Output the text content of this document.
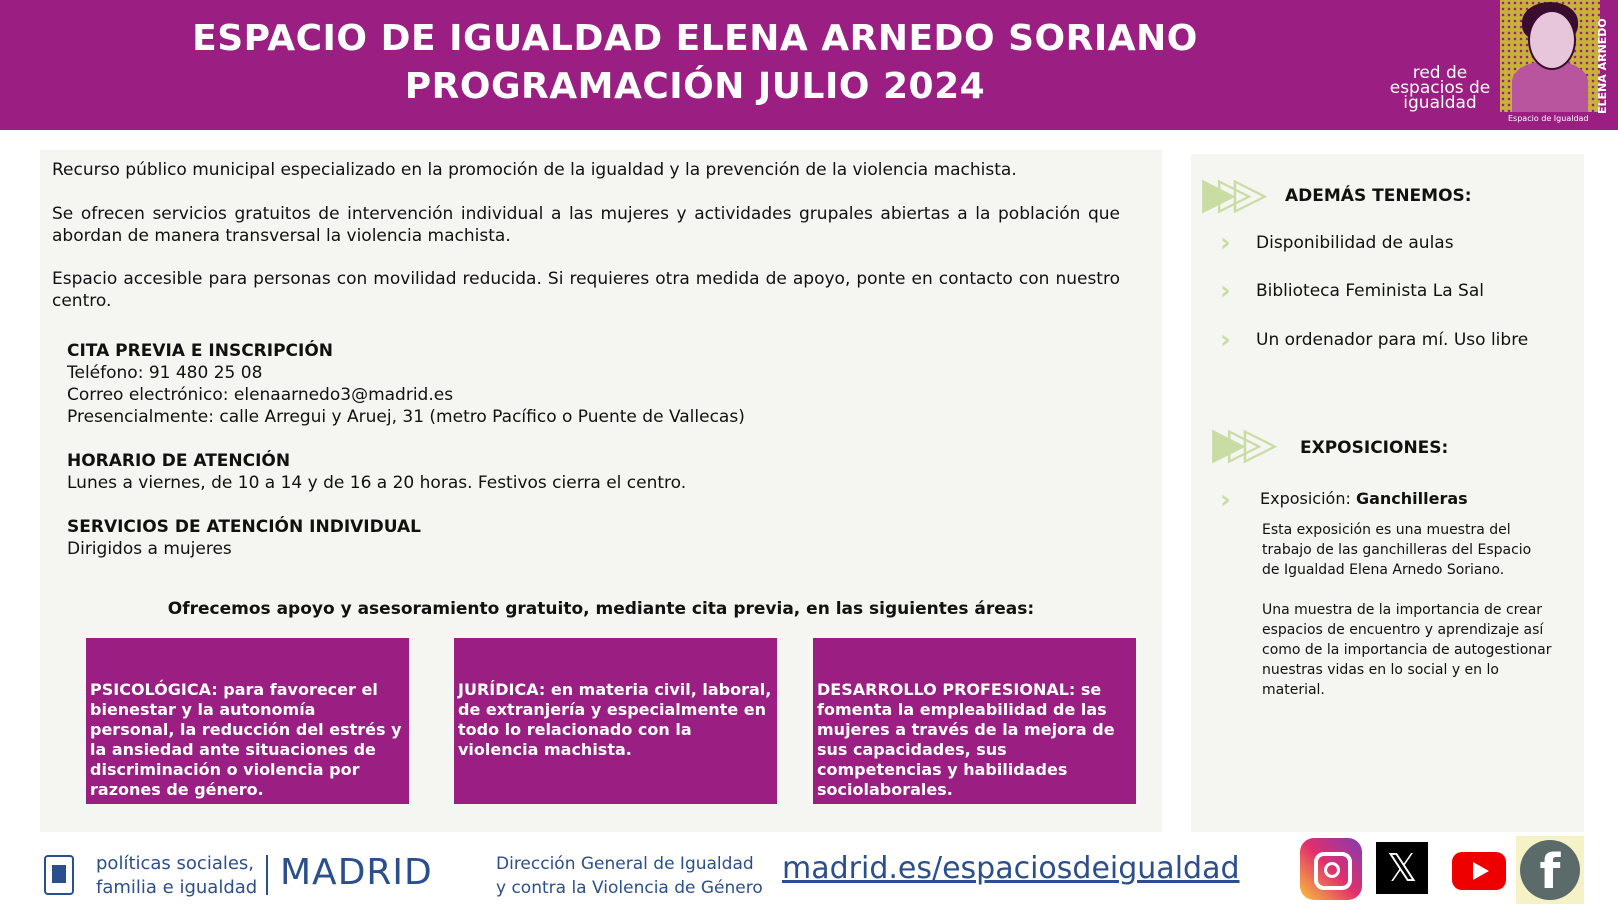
ESPACIO DE IGUALDAD ELENA ARNEDO SORIANO
PROGRAMACIÓN JULIO 2024	red de espacios de igualdad
Espacio de Igualdad
ELENA ARNEDO
Recurso público municipal especializado en la promoción de la igualdad y la prevención de la violencia machista.
Se ofrecen servicios gratuitos de intervención individual a las mujeres y actividades grupales abiertas a la población que abordan de manera transversal la violencia machista.
Espacio accesible para personas con movilidad reducida. Si requieres otra medida de apoyo, ponte en contacto con nuestro centro.
CITA PREVIA E INSCRIPCIÓN
Teléfono: 91 480 25 08
Correo electrónico: elenaarnedo3@madrid.es
Presencialmente: calle Arregui y Aruej, 31 (metro Pacífico o Puente de Vallecas)
HORARIO DE ATENCIÓN
Lunes a viernes, de 10 a 14 y de 16 a 20 horas. Festivos cierra el centro.
SERVICIOS DE ATENCIÓN INDIVIDUAL
Dirigidos a mujeres
Ofrecemos apoyo y asesoramiento gratuito, mediante cita previa, en las siguientes áreas:
PSICOLÓGICA: para favorecer el bienestar y la autonomía personal, la reducción del estrés y la ansiedad ante situaciones de discriminación o violencia por razones de género.
JURÍDICA: en materia civil, laboral, de extranjería y especialmente en todo lo relacionado con la violencia machista.
DESARROLLO PROFESIONAL: se fomenta la empleabilidad de las mujeres a través de la mejora de sus capacidades, sus competencias y habilidades sociolaborales.
▶▷▷ ADEMÁS TENEMOS:
› Disponibilidad de aulas
› Biblioteca Feminista La Sal
› Un ordenador para mí. Uso libre
▶▷▷ EXPOSICIONES:
› Exposición: Ganchilleras
Esta exposición es una muestra del trabajo de las ganchilleras del Espacio de Igualdad Elena Arnedo Soriano.
Una muestra de la importancia de crear espacios de encuentro y aprendizaje así como de la importancia de autogestionar nuestras vidas en lo social y en lo material.
políticas sociales,
familia e igualdad MADRID	Dirección General de Igualdad
y contra la Violencia de Género
madrid.es/espaciosdeigualdad	𝕏	f
